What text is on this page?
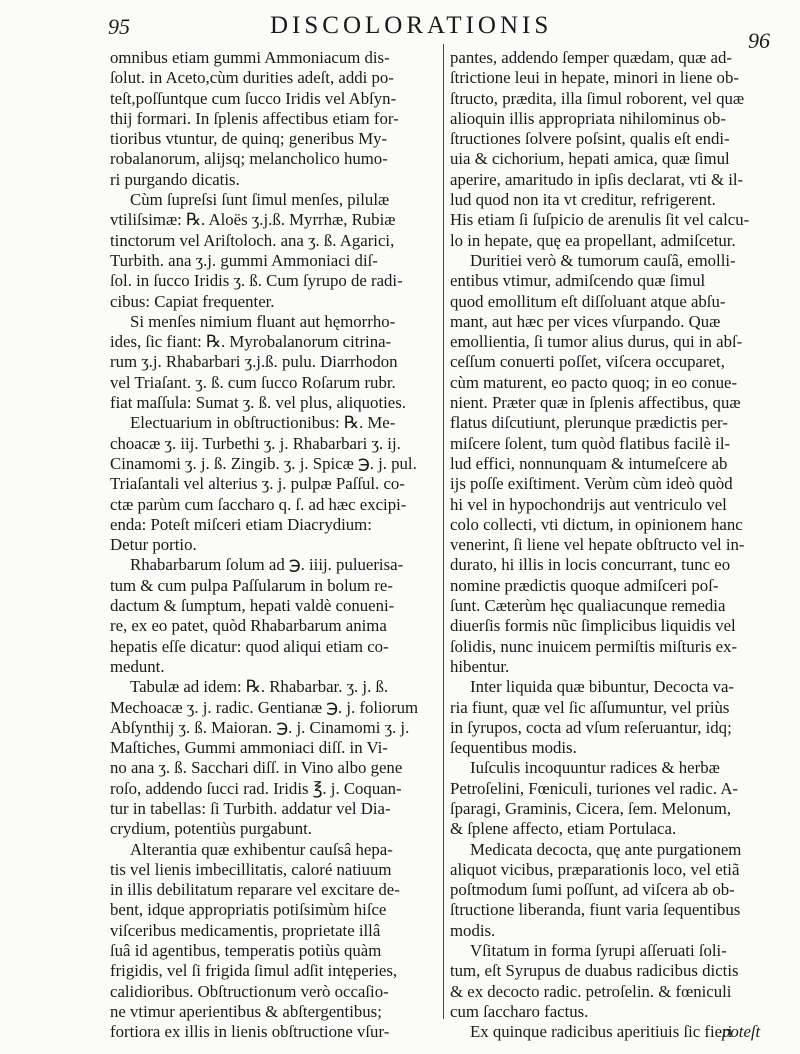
95	DISCOLORATIONIS
96
omnibus etiam gummi Ammoniacum dis-
ſolut. in Aceto,cùm durities adeſt, addi po-
teſt,poſſuntque cum ſucco Iridis vel Abſyn-
thij formari. In ſplenis affectibus etiam for-
tioribus vtuntur, de quinq; generibus My-
robalanorum, alijsq; melancholico humo-
ri purgando dicatis.
Cùm ſupreſsi ſunt ſimul menſes, pilulæ
vtiliſsimæ: ℞. Aloës ʒ.j.ß. Myrrhæ, Rubiæ
tinctorum vel Ariſtoloch. ana ʒ. ß. Agarici,
Turbith. ana ʒ.j. gummi Ammoniaci diſ-
ſol. in ſucco Iridis ʒ. ß. Cum ſyrupo de radi-
cibus: Capiat frequenter.
Si menſes nimium fluant aut hęmorrho-
ides, ſic fiant: ℞. Myrobalanorum citrina-
rum ʒ.j. Rhabarbari ʒ.j.ß. pulu. Diarrhodon
vel Triaſant. ʒ. ß. cum ſucco Roſarum rubr.
fiat maſſula: Sumat ʒ. ß. vel plus, aliquoties.
Electuarium in obſtructionibus: ℞. Me-
choacæ ʒ. iij. Turbethi ʒ. j. Rhabarbari ʒ. ij.
Cinamomi ʒ. j. ß. Zingib. ʒ. j. Spicæ ℈. j. pul.
Triaſantali vel alterius ʒ. j. pulpæ Paſſul. co-
ctæ parùm cum ſaccharo q. ſ. ad hæc excipi-
enda: Poteſt miſceri etiam Diacrydium:
Detur portio.
Rhabarbarum ſolum ad ℈. iiij. puluerisa-
tum & cum pulpa Paſſularum in bolum re-
dactum & ſumptum, hepati valdè conueni-
re, ex eo patet, quòd Rhabarbarum anima
hepatis eſſe dicatur: quod aliqui etiam co-
medunt.
Tabulæ ad idem: ℞. Rhabarbar. ʒ. j. ß.
Mechoacæ ʒ. j. radic. Gentianæ ℈. j. foliorum
Abſynthij ʒ. ß. Maioran. ℈. j. Cinamomi ʒ. j.
Maſtiches, Gummi ammoniaci diſſ. in Vi-
no ana ʒ. ß. Sacchari diſſ. in Vino albo gene
roſo, addendo ſucci rad. Iridis ℥. j. Coquan-
tur in tabellas: ſi Turbith. addatur vel Dia-
crydium, potentiùs purgabunt.
Alterantia quæ exhibentur cauſsâ hepa-
tis vel lienis imbecillitatis, caloré natiuum
in illis debilitatum reparare vel excitare de-
bent, idque appropriatis potiſsimùm hiſce
viſceribus medicamentis, proprietate illâ
ſuâ id agentibus, temperatis potiùs quàm
frigidis, vel ſi frigida ſimul adſit intęperies,
calidioribus. Obſtructionum verò occaſio-
ne vtimur aperientibus & abſtergentibus;
fortiora ex illis in lienis obſtructione vſur-
pantes, addendo ſemper quædam, quæ ad-
ſtrictione leui in hepate, minori in liene ob-
ſtructo, prædita, illa ſimul roborent, vel quæ
alioquin illis appropriata nihilominus ob-
ſtructiones ſolvere poſsint, qualis eſt endi-
uia & cichorium, hepati amica, quæ ſimul
aperire, amaritudo in ipſis declarat, vti & il-
lud quod non ita vt creditur, refrigerent.
His etiam ſi ſuſpicio de arenulis ſit vel calcu-
lo in hepate, quę ea propellant, admiſcetur.
Duritiei verò & tumorum cauſâ, emolli-
entibus vtimur, admiſcendo quæ ſimul
quod emollitum eſt diſſoluant atque abſu-
mant, aut hæc per vices vſurpando. Quæ
emollientia, ſi tumor alius durus, qui in abſ-
ceſſum conuerti poſſet, viſcera occuparet,
cùm maturent, eo pacto quoq; in eo conue-
nient. Præter quæ in ſplenis affectibus, quæ
flatus diſcutiunt, plerunque prædictis per-
miſcere ſolent, tum quòd flatibus facilè il-
lud effici, nonnunquam & intumeſcere ab
ijs poſſe exiſtiment. Verùm cùm ideò quòd
hi vel in hypochondrijs aut ventriculo vel
colo collecti, vti dictum, in opinionem hanc
venerint, ſi liene vel hepate obſtructo vel in-
durato, hi illis in locis concurrant, tunc eo
nomine prædictis quoque admiſceri poſ-
ſunt. Cæterùm hęc qualiacunque remedia
diuerſis formis nũc ſimplicibus liquidis vel
ſolidis, nunc inuicem permiſtis miſturis ex-
hibentur.
Inter liquida quæ bibuntur, Decocta va-
ria fiunt, quæ vel ſic aſſumuntur, vel priùs
in ſyrupos, cocta ad vſum reſeruantur, idq;
ſequentibus modis.
Iuſculis incoquuntur radices & herbæ
Petroſelini, Fœniculi, turiones vel radic. A-
ſparagi, Graminis, Cicera, ſem. Melonum,
& ſplene affecto, etiam Portulaca.
Medicata decocta, quę ante purgationem
aliquot vicibus, præparationis loco, vel etiã
poſtmodum ſumi poſſunt, ad viſcera ab ob-
ſtructione liberanda, fiunt varia ſequentibus
modis.
Vſitatum in forma ſyrupi aſſeruati ſoli-
tum, eſt Syrupus de duabus radicibus dictis
& ex decocto radic. petroſelin. & fœniculi
cum ſaccharo factus.
Ex quinque radicibus aperitiuis ſic fieri
poteſt
